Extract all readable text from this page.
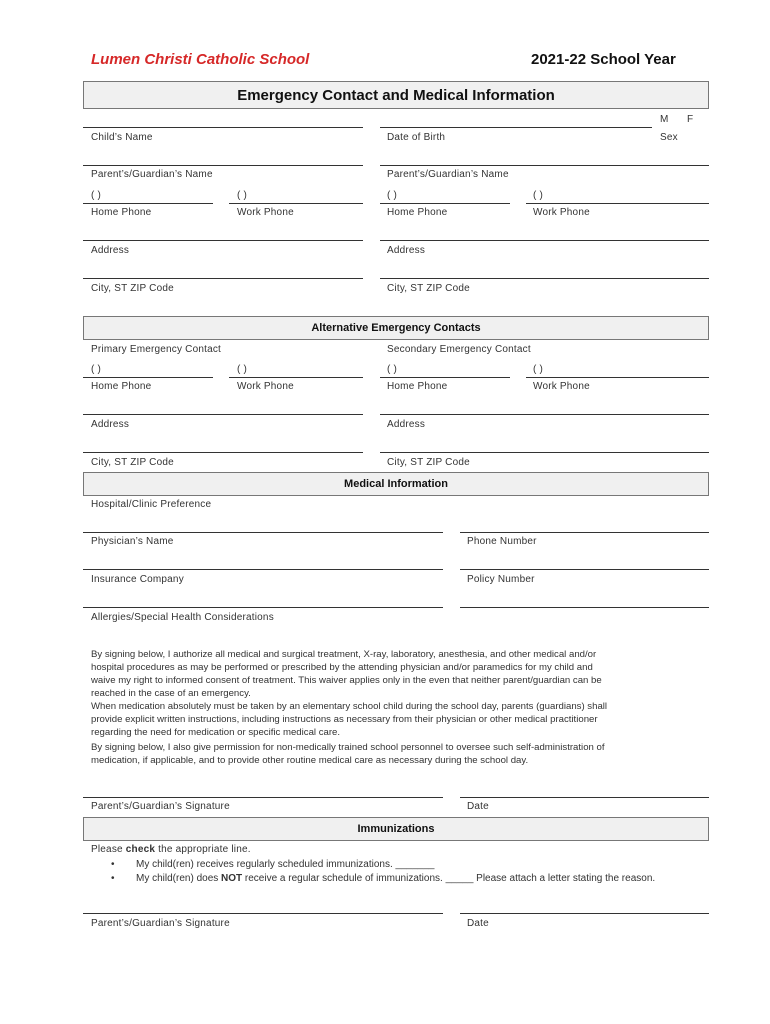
Lumen Christi Catholic School	2021-22 School Year
Emergency Contact and Medical Information
M F
Child’s Name	Date of Birth	Sex
Parent’s/Guardian’s Name	Parent’s/Guardian’s Name
( )	( )	( )	( )
Home Phone	Work Phone	Home Phone	Work Phone
Address	Address
City, ST ZIP Code	City, ST ZIP Code
Alternative Emergency Contacts
Primary Emergency Contact	Secondary Emergency Contact
( )	( )	( )	( )
Home Phone	Work Phone	Home Phone	Work Phone
Address	Address
City, ST ZIP Code	City, ST ZIP Code
Medical Information
Hospital/Clinic Preference
Physician’s Name	Phone Number
Insurance Company	Policy Number
Allergies/Special Health Considerations
By signing below, I authorize all medical and surgical treatment, X-ray, laboratory, anesthesia, and other medical and/or
hospital procedures as may be performed or prescribed by the attending physician and/or paramedics for my child and
waive my right to informed consent of treatment. This waiver applies only in the even that neither parent/guardian can be
reached in the case of an emergency.
When medication absolutely must be taken by an elementary school child during the school day, parents (guardians) shall
provide explicit written instructions, including instructions as necessary from their physician or other medical practitioner
regarding the need for medication or specific medical care.
By signing below, I also give permission for non-medically trained school personnel to oversee such self-administration of
medication, if applicable, and to provide other routine medical care as necessary during the school day.
Parent’s/Guardian’s Signature	Date
Immunizations
Please check the appropriate line.
• My child(ren) receives regularly scheduled immunizations. _______
• My child(ren) does NOT receive a regular schedule of immunizations. _____ Please attach a letter stating the reason.
Parent’s/Guardian’s Signature	Date
